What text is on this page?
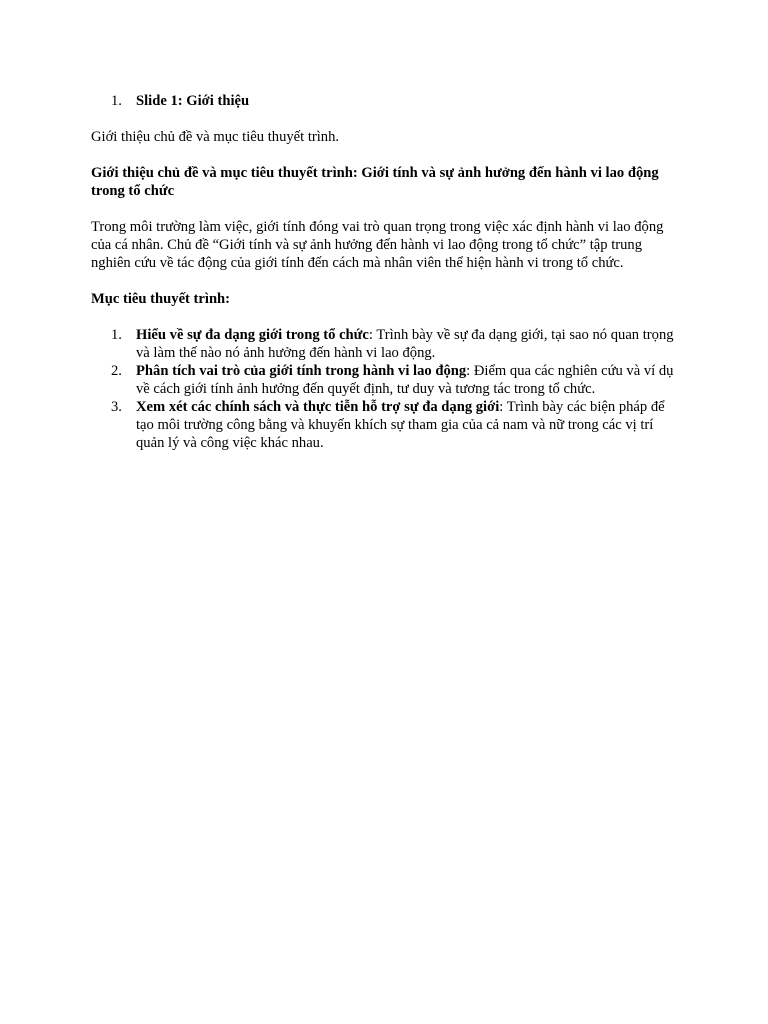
1. Slide 1: Giới thiệu

Giới thiệu chủ đề và mục tiêu thuyết trình.

Giới thiệu chủ đề và mục tiêu thuyết trình: Giới tính và sự ảnh hưởng đến hành vi lao động trong tổ chức

Trong môi trường làm việc, giới tính đóng vai trò quan trọng trong việc xác định hành vi lao động của cá nhân. Chủ đề “Giới tính và sự ảnh hưởng đến hành vi lao động trong tổ chức” tập trung nghiên cứu về tác động của giới tính đến cách mà nhân viên thể hiện hành vi trong tổ chức.

Mục tiêu thuyết trình:

1. Hiểu về sự đa dạng giới trong tổ chức: Trình bày về sự đa dạng giới, tại sao nó quan trọng và làm thế nào nó ảnh hưởng đến hành vi lao động.
2. Phân tích vai trò của giới tính trong hành vi lao động: Điểm qua các nghiên cứu và ví dụ về cách giới tính ảnh hưởng đến quyết định, tư duy và tương tác trong tổ chức.
3. Xem xét các chính sách và thực tiễn hỗ trợ sự đa dạng giới: Trình bày các biện pháp để tạo môi trường công bằng và khuyến khích sự tham gia của cả nam và nữ trong các vị trí quản lý và công việc khác nhau.
